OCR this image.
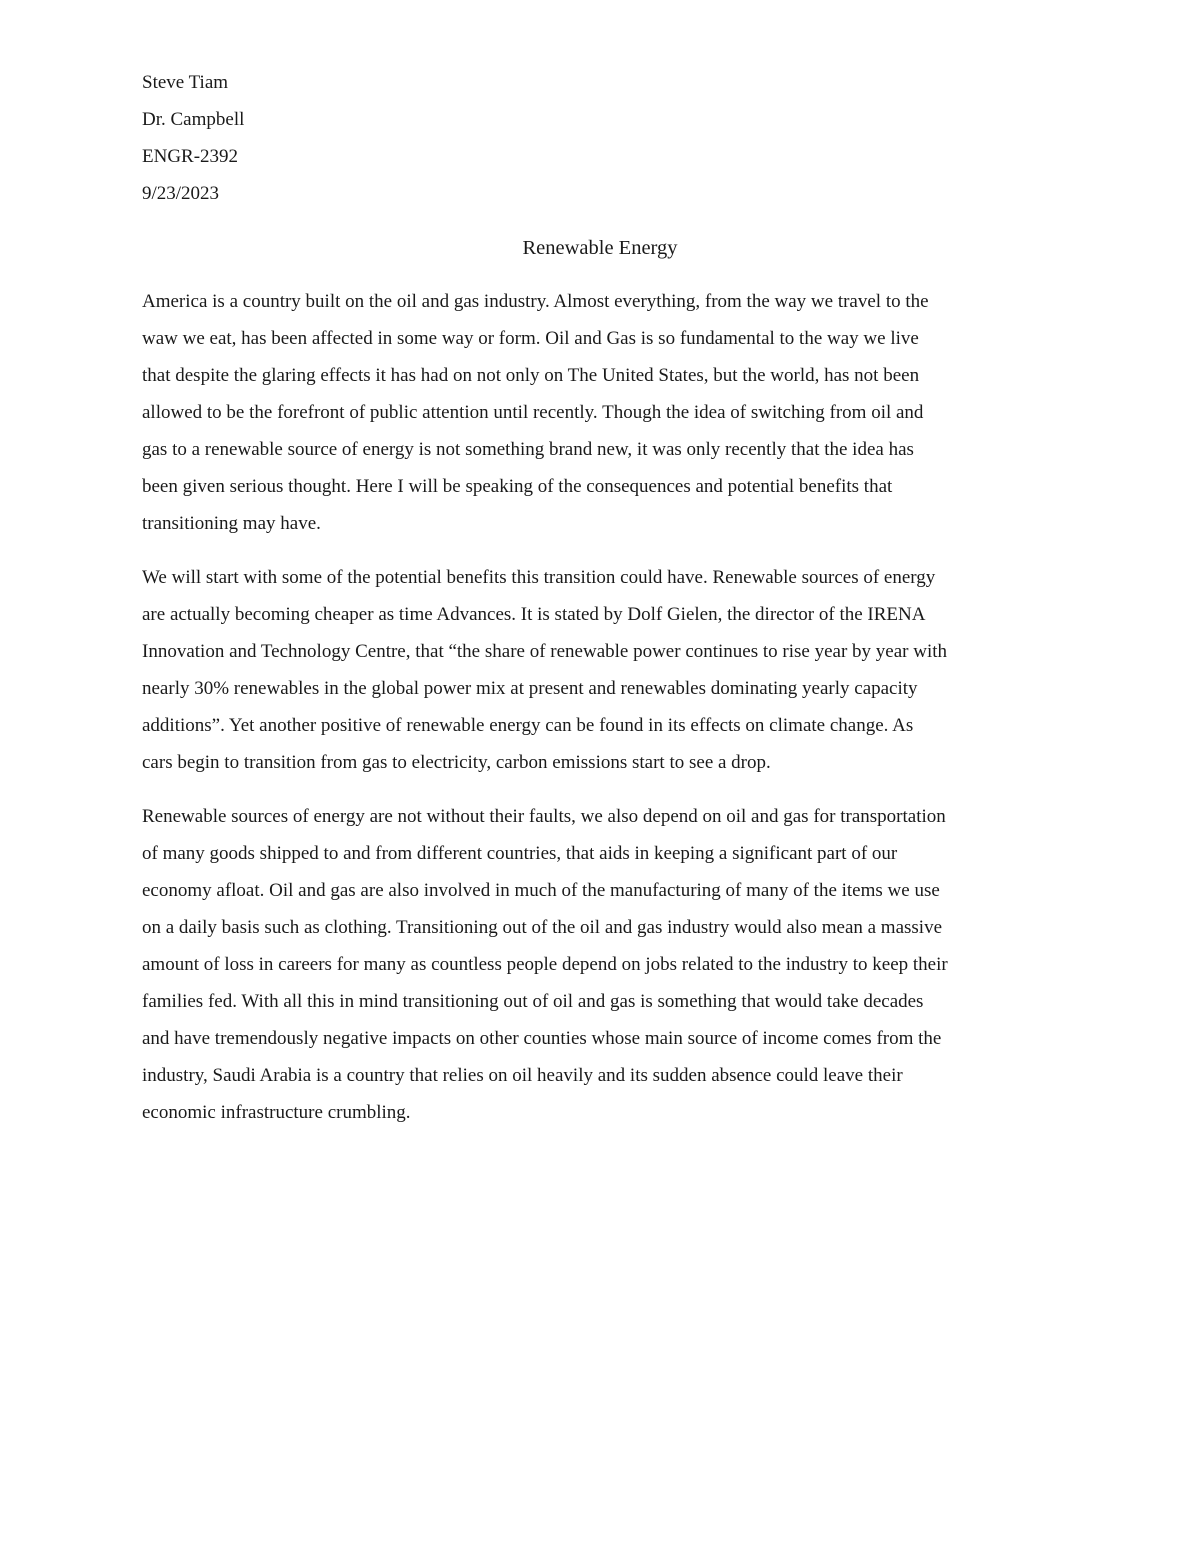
Steve Tiam
Dr. Campbell
ENGR-2392
9/23/2023
Renewable Energy
America is a country built on the oil and gas industry. Almost everything, from the way we travel to the
waw we eat, has been affected in some way or form. Oil and Gas is so fundamental to the way we live
that despite the glaring effects it has had on not only on The United States, but the world, has not been
allowed to be the forefront of public attention until recently. Though the idea of switching from oil and
gas to a renewable source of energy is not something brand new, it was only recently that the idea has
been given serious thought. Here I will be speaking of the consequences and potential benefits that
transitioning may have.
We will start with some of the potential benefits this transition could have. Renewable sources of energy
are actually becoming cheaper as time Advances. It is stated by Dolf Gielen, the director of the IRENA
Innovation and Technology Centre, that “the share of renewable power continues to rise year by year with
nearly 30% renewables in the global power mix at present and renewables dominating yearly capacity
additions”. Yet another positive of renewable energy can be found in its effects on climate change. As
cars begin to transition from gas to electricity, carbon emissions start to see a drop.
Renewable sources of energy are not without their faults, we also depend on oil and gas for transportation
of many goods shipped to and from different countries, that aids in keeping a significant part of our
economy afloat. Oil and gas are also involved in much of the manufacturing of many of the items we use
on a daily basis such as clothing. Transitioning out of the oil and gas industry would also mean a massive
amount of loss in careers for many as countless people depend on jobs related to the industry to keep their
families fed. With all this in mind transitioning out of oil and gas is something that would take decades
and have tremendously negative impacts on other counties whose main source of income comes from the
industry, Saudi Arabia is a country that relies on oil heavily and its sudden absence could leave their
economic infrastructure crumbling.
